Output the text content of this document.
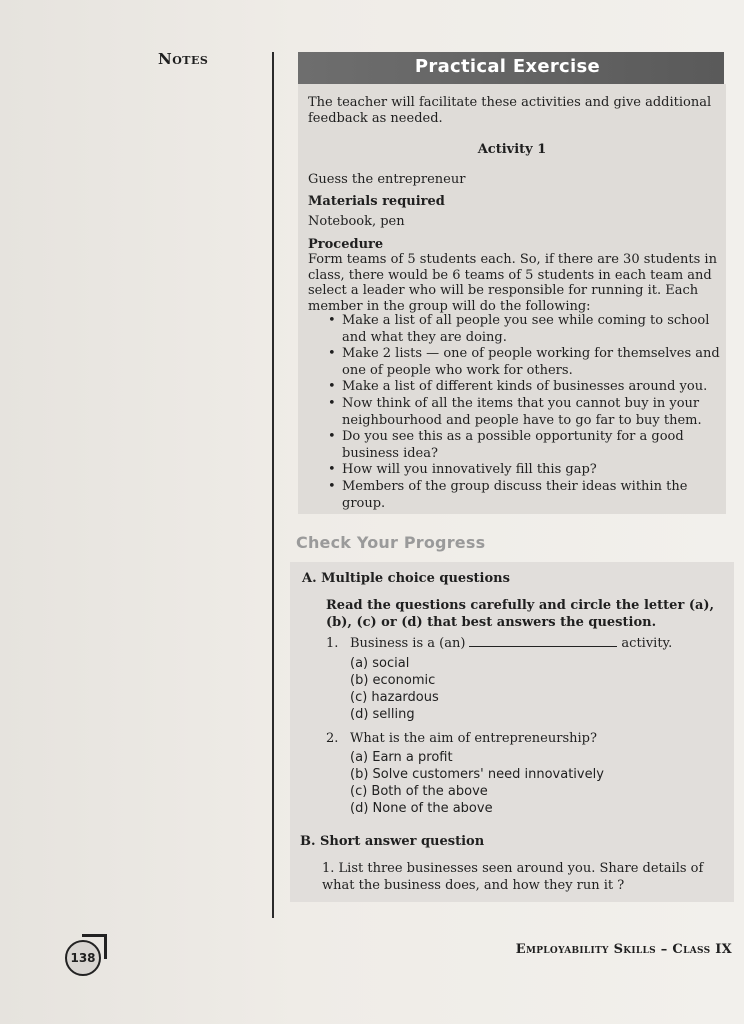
Notes	Practical Exercise
The teacher will facilitate these activities and give additional feedback as needed.
Activity 1
Guess the entrepreneur
Materials required
Notebook, pen
Procedure
Form teams of 5 students each. So, if there are 30 students in class, there would be 6 teams of 5 students in each team and select a leader who will be responsible for running it. Each member in the group will do the following:
• Make a list of all people you see while coming to school and what they are doing.
• Make 2 lists — one of people working for themselves and one of people who work for others.
• Make a list of different kinds of businesses around you.
• Now think of all the items that you cannot buy in your neighbourhood and people have to go far to buy them.
• Do you see this as a possible opportunity for a good business idea?
• How will you innovatively fill this gap?
• Members of the group discuss their ideas within the group.
Check Your Progress
A. Multiple choice questions
Read the questions carefully and circle the letter (a), (b), (c) or (d) that best answers the question.
1. Business is a (an)	activity.
(a) social
(b) economic
(c) hazardous
(d) selling
2. What is the aim of entrepreneurship?
(a) Earn a profit
(b) Solve customers' need innovatively
(c) Both of the above
(d) None of the above
B. Short answer question
1. List three businesses seen around you. Share details of what the business does, and how they run it ?
138
Employability Skills – Class IX
